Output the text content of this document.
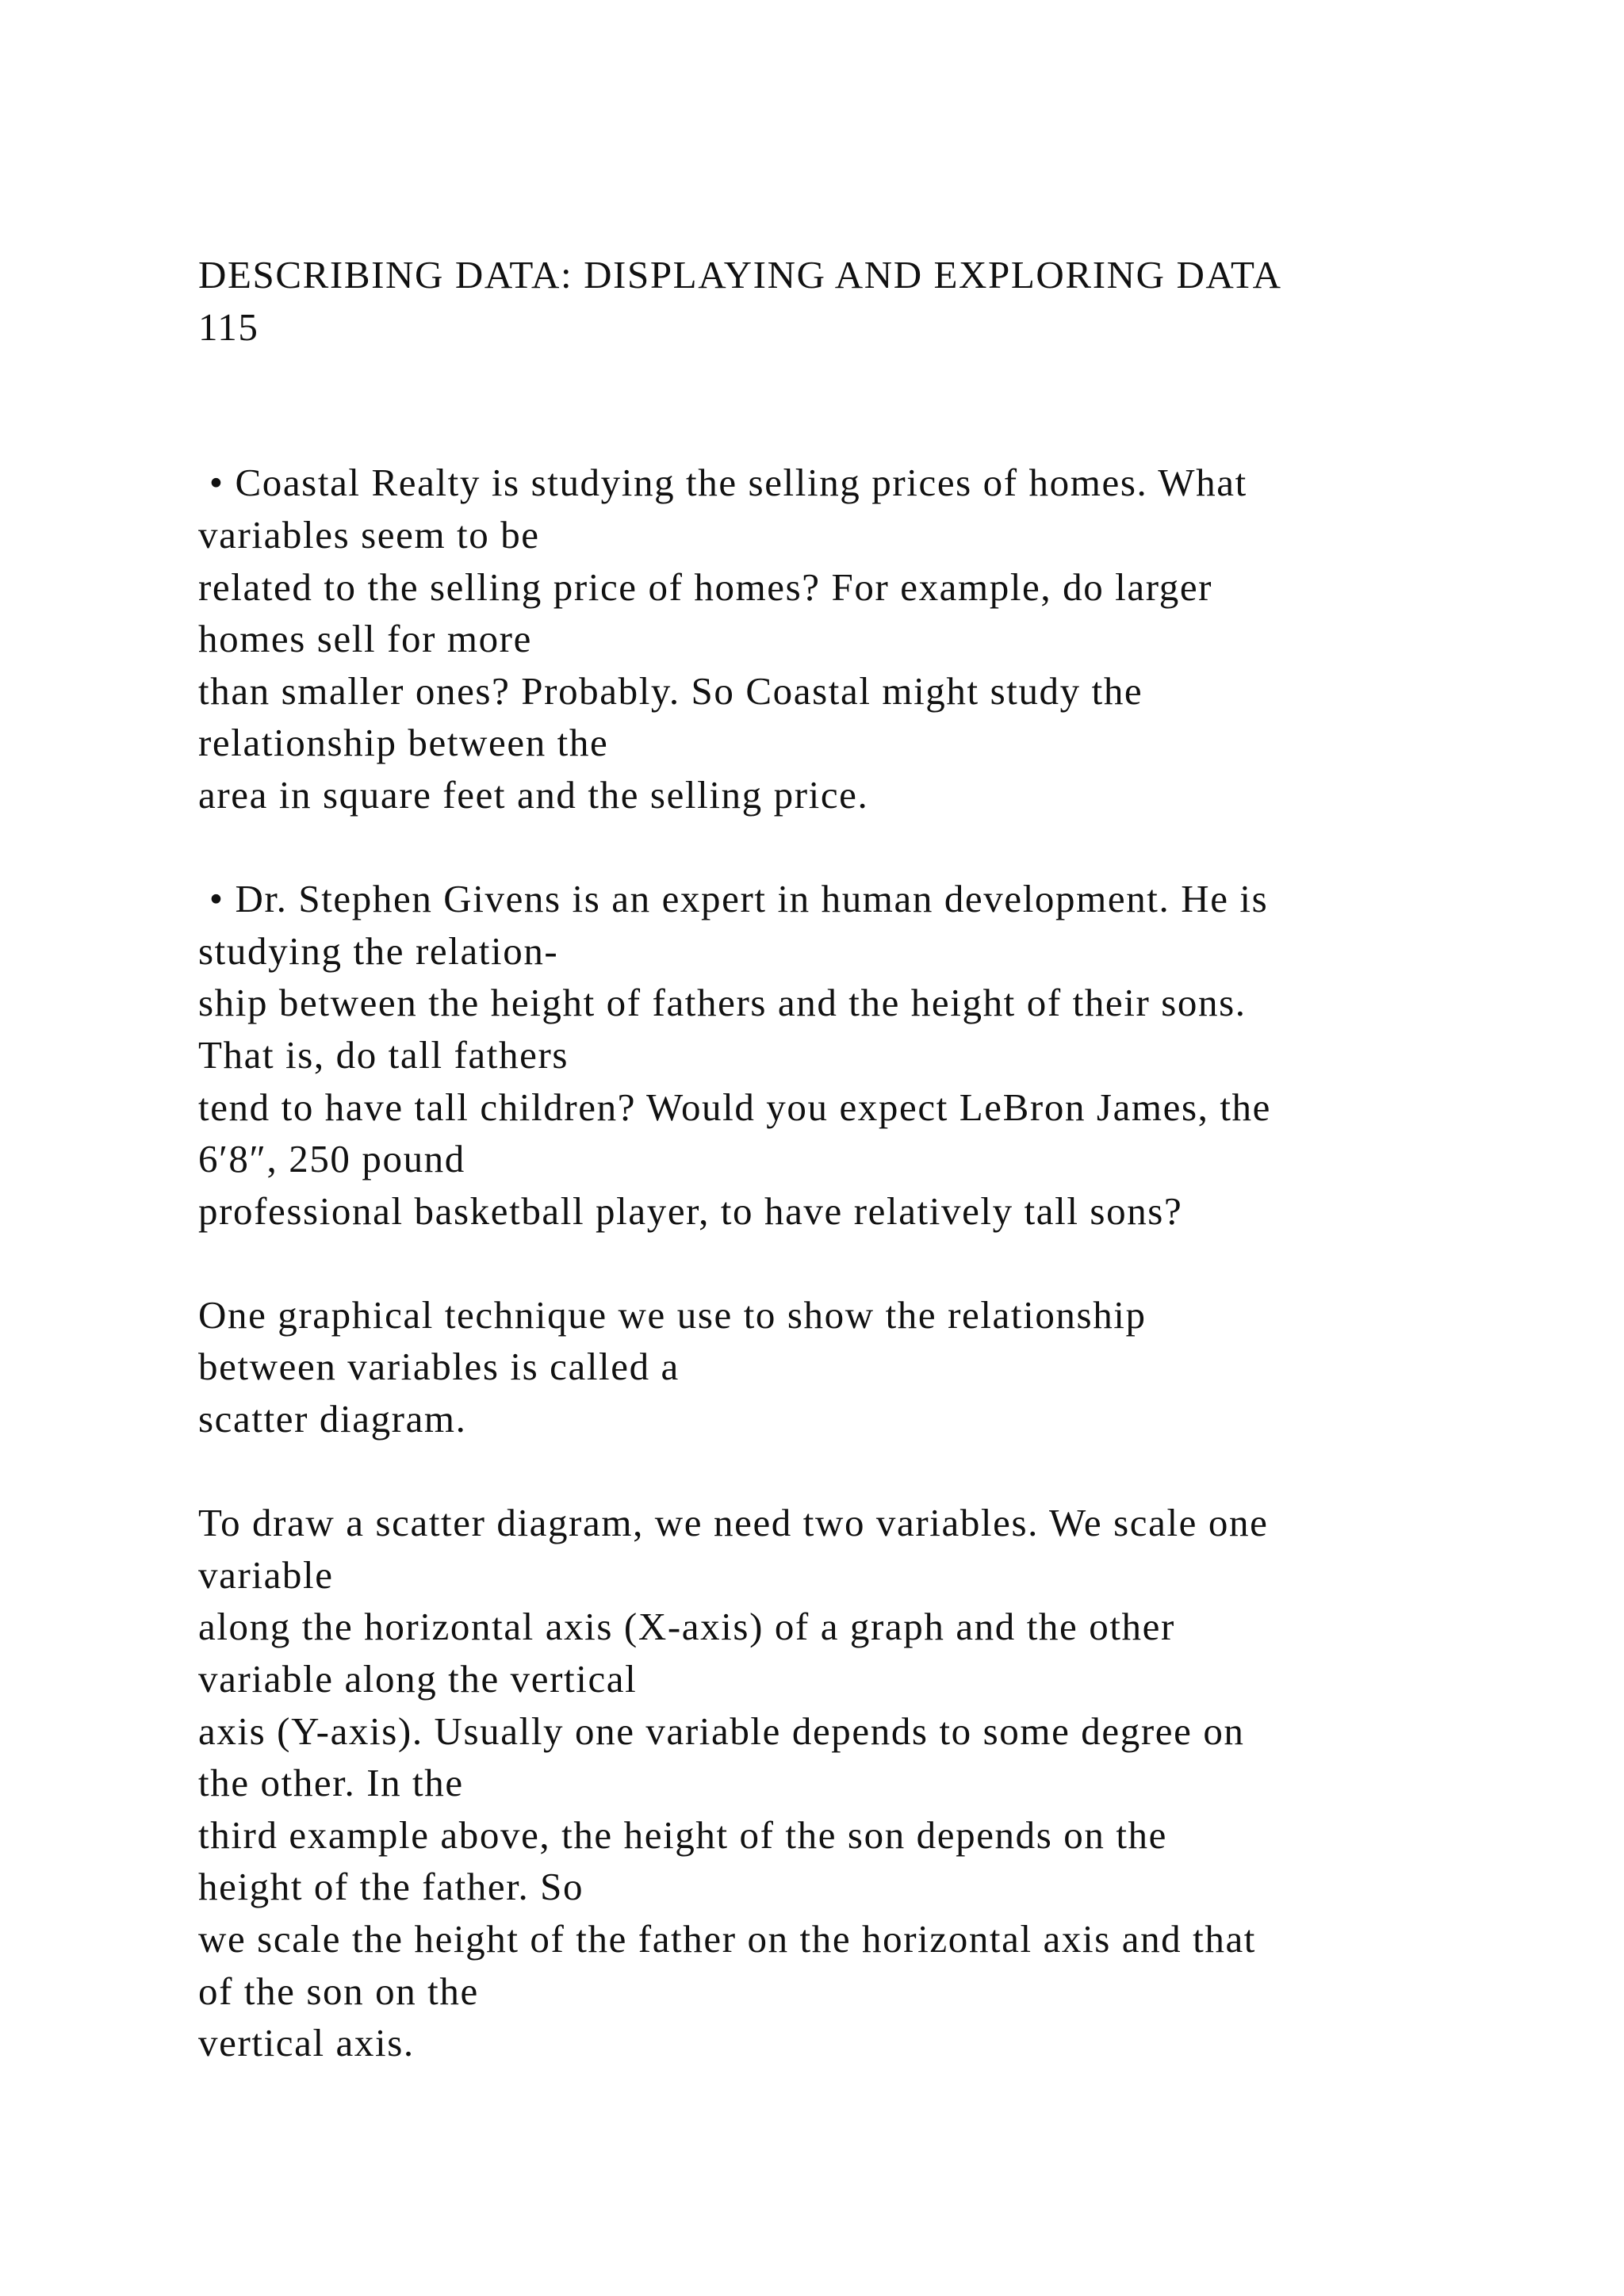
DESCRIBING DATA: DISPLAYING AND EXPLORING DATA
115
• Coastal Realty is studying the selling prices of homes. What
variables seem to be
related to the selling price of homes? For example, do larger
homes sell for more
than smaller ones? Probably. So Coastal might study the
relationship between the
area in square feet and the selling price.
• Dr. Stephen Givens is an expert in human development. He is
studying the relation-
ship between the height of fathers and the height of their sons.
That is, do tall fathers
tend to have tall children? Would you expect LeBron James, the
6′8″, 250 pound
professional basketball player, to have relatively tall sons?
One graphical technique we use to show the relationship
between variables is called a
scatter diagram.
To draw a scatter diagram, we need two variables. We scale one
variable
along the horizontal axis (X-axis) of a graph and the other
variable along the vertical
axis (Y-axis). Usually one variable depends to some degree on
the other. In the
third example above, the height of the son depends on the
height of the father. So
we scale the height of the father on the horizontal axis and that
of the son on the
vertical axis.
